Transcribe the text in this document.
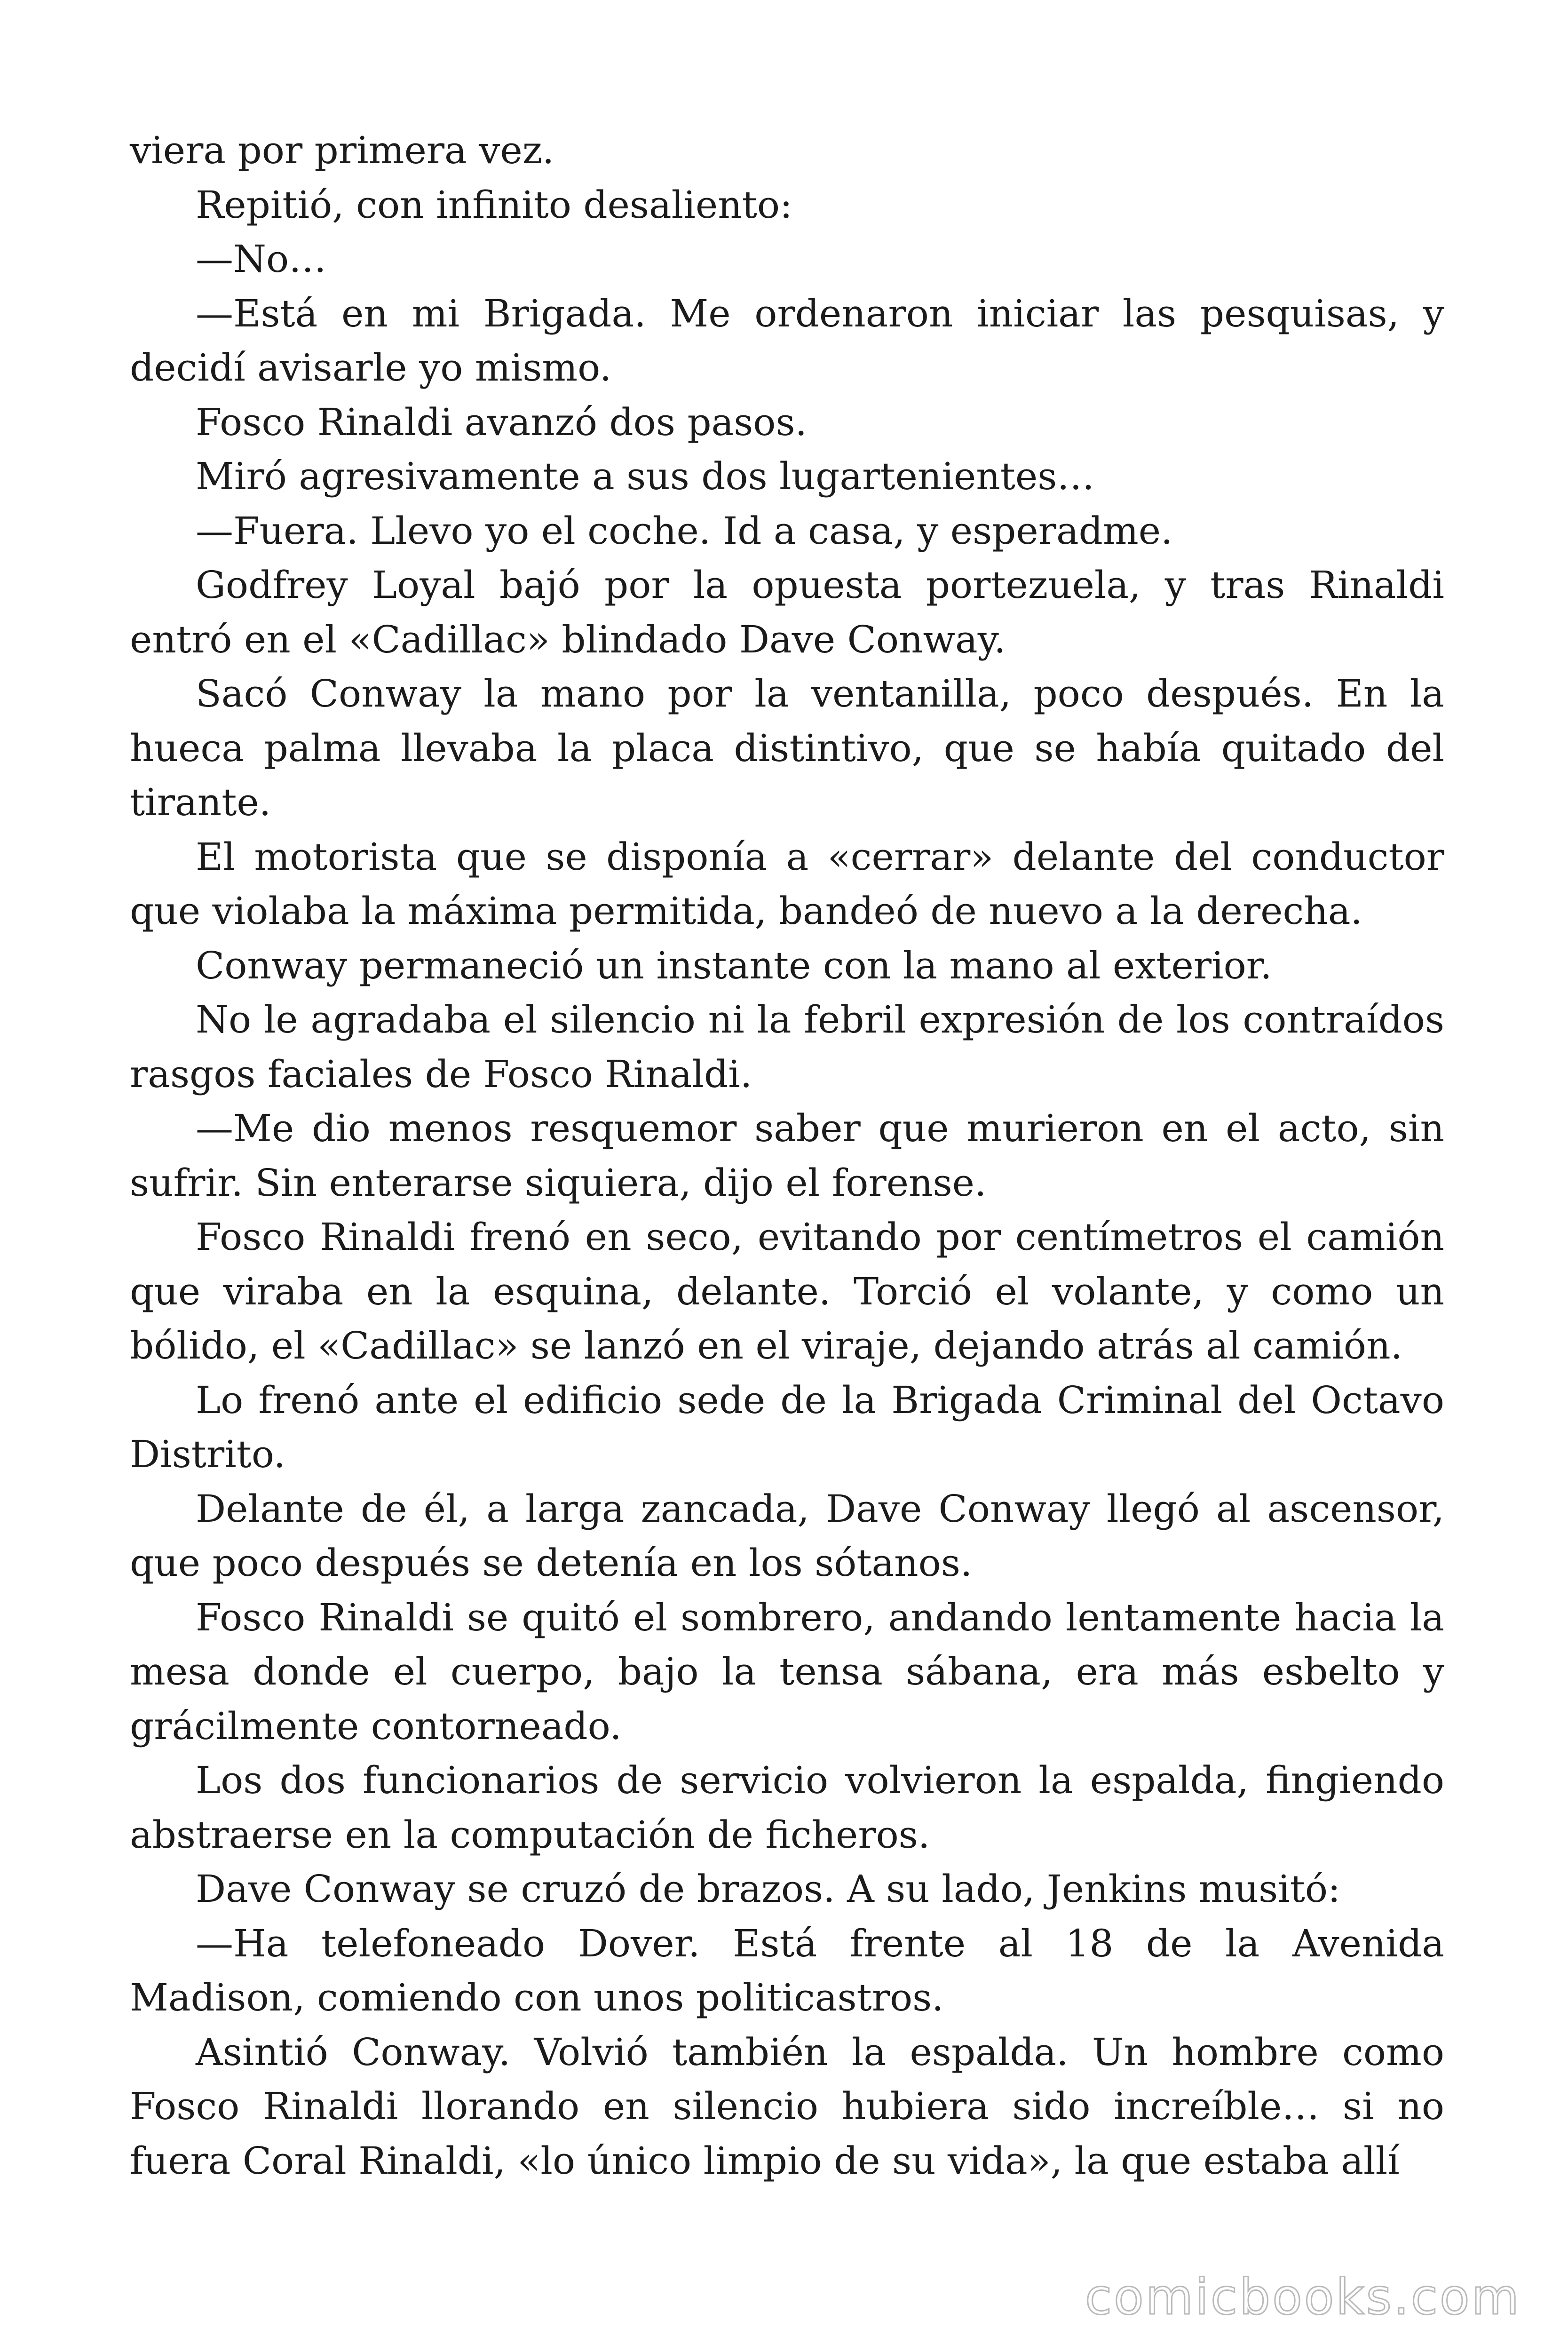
viera por primera vez.

Repitió, con infinito desaliento:

—No…

—Está en mi Brigada. Me ordenaron iniciar las pesquisas, y decidí avisarle yo mismo.

Fosco Rinaldi avanzó dos pasos.

Miró agresivamente a sus dos lugartenientes…

—Fuera. Llevo yo el coche. Id a casa, y esperadme.

Godfrey Loyal bajó por la opuesta portezuela, y tras Rinaldi entró en el «Cadillac» blindado Dave Conway.

Sacó Conway la mano por la ventanilla, poco después. En la hueca palma llevaba la placa distintivo, que se había quitado del tirante.

El motorista que se disponía a «cerrar» delante del conductor que violaba la máxima permitida, bandeó de nuevo a la derecha.

Conway permaneció un instante con la mano al exterior.

No le agradaba el silencio ni la febril expresión de los contraídos rasgos faciales de Fosco Rinaldi.

—Me dio menos resquemor saber que murieron en el acto, sin sufrir. Sin enterarse siquiera, dijo el forense.

Fosco Rinaldi frenó en seco, evitando por centímetros el camión que viraba en la esquina, delante. Torció el volante, y como un bólido, el «Cadillac» se lanzó en el viraje, dejando atrás al camión.

Lo frenó ante el edificio sede de la Brigada Criminal del Octavo Distrito.

Delante de él, a larga zancada, Dave Conway llegó al ascensor, que poco después se detenía en los sótanos.

Fosco Rinaldi se quitó el sombrero, andando lentamente hacia la mesa donde el cuerpo, bajo la tensa sábana, era más esbelto y grácilmente contorneado.

Los dos funcionarios de servicio volvieron la espalda, fingiendo abstraerse en la computación de ficheros.

Dave Conway se cruzó de brazos. A su lado, Jenkins musitó:

—Ha telefoneado Dover. Está frente al 18 de la Avenida Madison, comiendo con unos politicastros.

Asintió Conway. Volvió también la espalda. Un hombre como Fosco Rinaldi llorando en silencio hubiera sido increíble… si no fuera Coral Rinaldi, «lo único limpio de su vida», la que estaba allí

comicbooks.com
